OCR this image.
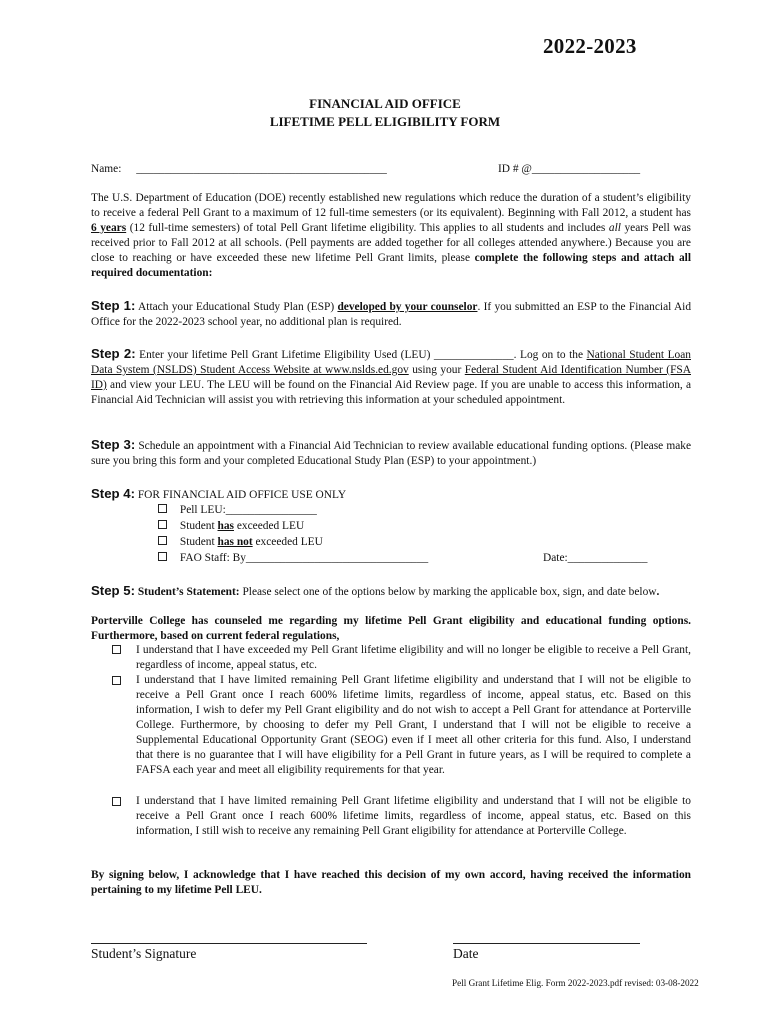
2022-2023
FINANCIAL AID OFFICE
LIFETIME PELL ELIGIBILITY FORM
Name: ____________________________________________	ID # @___________________
The U.S. Department of Education (DOE) recently established new regulations which reduce the duration of a student’s eligibility to receive a federal Pell Grant to a maximum of 12 full-time semesters (or its equivalent). Beginning with Fall 2012, a student has 6 years (12 full-time semesters) of total Pell Grant lifetime eligibility. This applies to all students and includes all years Pell was received prior to Fall 2012 at all schools. (Pell payments are added together for all colleges attended anywhere.) Because you are close to reaching or have exceeded these new lifetime Pell Grant limits, please complete the following steps and attach all required documentation:
Step 1: Attach your Educational Study Plan (ESP) developed by your counselor. If you submitted an ESP to the Financial Aid Office for the 2022-2023 school year, no additional plan is required.
Step 2: Enter your lifetime Pell Grant Lifetime Eligibility Used (LEU) ______________. Log on to the National Student Loan Data System (NSLDS) Student Access Website at www.nslds.ed.gov using your Federal Student Aid Identification Number (FSA ID) and view your LEU. The LEU will be found on the Financial Aid Review page. If you are unable to access this information, a Financial Aid Technician will assist you with retrieving this information at your scheduled appointment.
Step 3: Schedule an appointment with a Financial Aid Technician to review available educational funding options. (Please make sure you bring this form and your completed Educational Study Plan (ESP) to your appointment.)
Step 4: FOR FINANCIAL AID OFFICE USE ONLY
Pell LEU:________________
Student has exceeded LEU
Student has not exceeded LEU
FAO Staff: By________________________________	Date:______________
Step 5: Student’s Statement: Please select one of the options below by marking the applicable box, sign, and date below.
Porterville College has counseled me regarding my lifetime Pell Grant eligibility and educational funding options. Furthermore, based on current federal regulations,
I understand that I have exceeded my Pell Grant lifetime eligibility and will no longer be eligible to receive a Pell Grant, regardless of income, appeal status, etc.
I understand that I have limited remaining Pell Grant lifetime eligibility and understand that I will not be eligible to receive a Pell Grant once I reach 600% lifetime limits, regardless of income, appeal status, etc. Based on this information, I wish to defer my Pell Grant eligibility and do not wish to accept a Pell Grant for attendance at Porterville College. Furthermore, by choosing to defer my Pell Grant, I understand that I will not be eligible to receive a Supplemental Educational Opportunity Grant (SEOG) even if I meet all other criteria for this fund. Also, I understand that there is no guarantee that I will have eligibility for a Pell Grant in future years, as I will be required to complete a FAFSA each year and meet all eligibility requirements for that year.
I understand that I have limited remaining Pell Grant lifetime eligibility and understand that I will not be eligible to receive a Pell Grant once I reach 600% lifetime limits, regardless of income, appeal status, etc. Based on this information, I still wish to receive any remaining Pell Grant eligibility for attendance at Porterville College.
By signing below, I acknowledge that I have reached this decision of my own accord, having received the information pertaining to my lifetime Pell LEU.
Student’s Signature	Date
Pell Grant Lifetime Elig. Form 2022-2023.pdf revised: 03-08-2022
